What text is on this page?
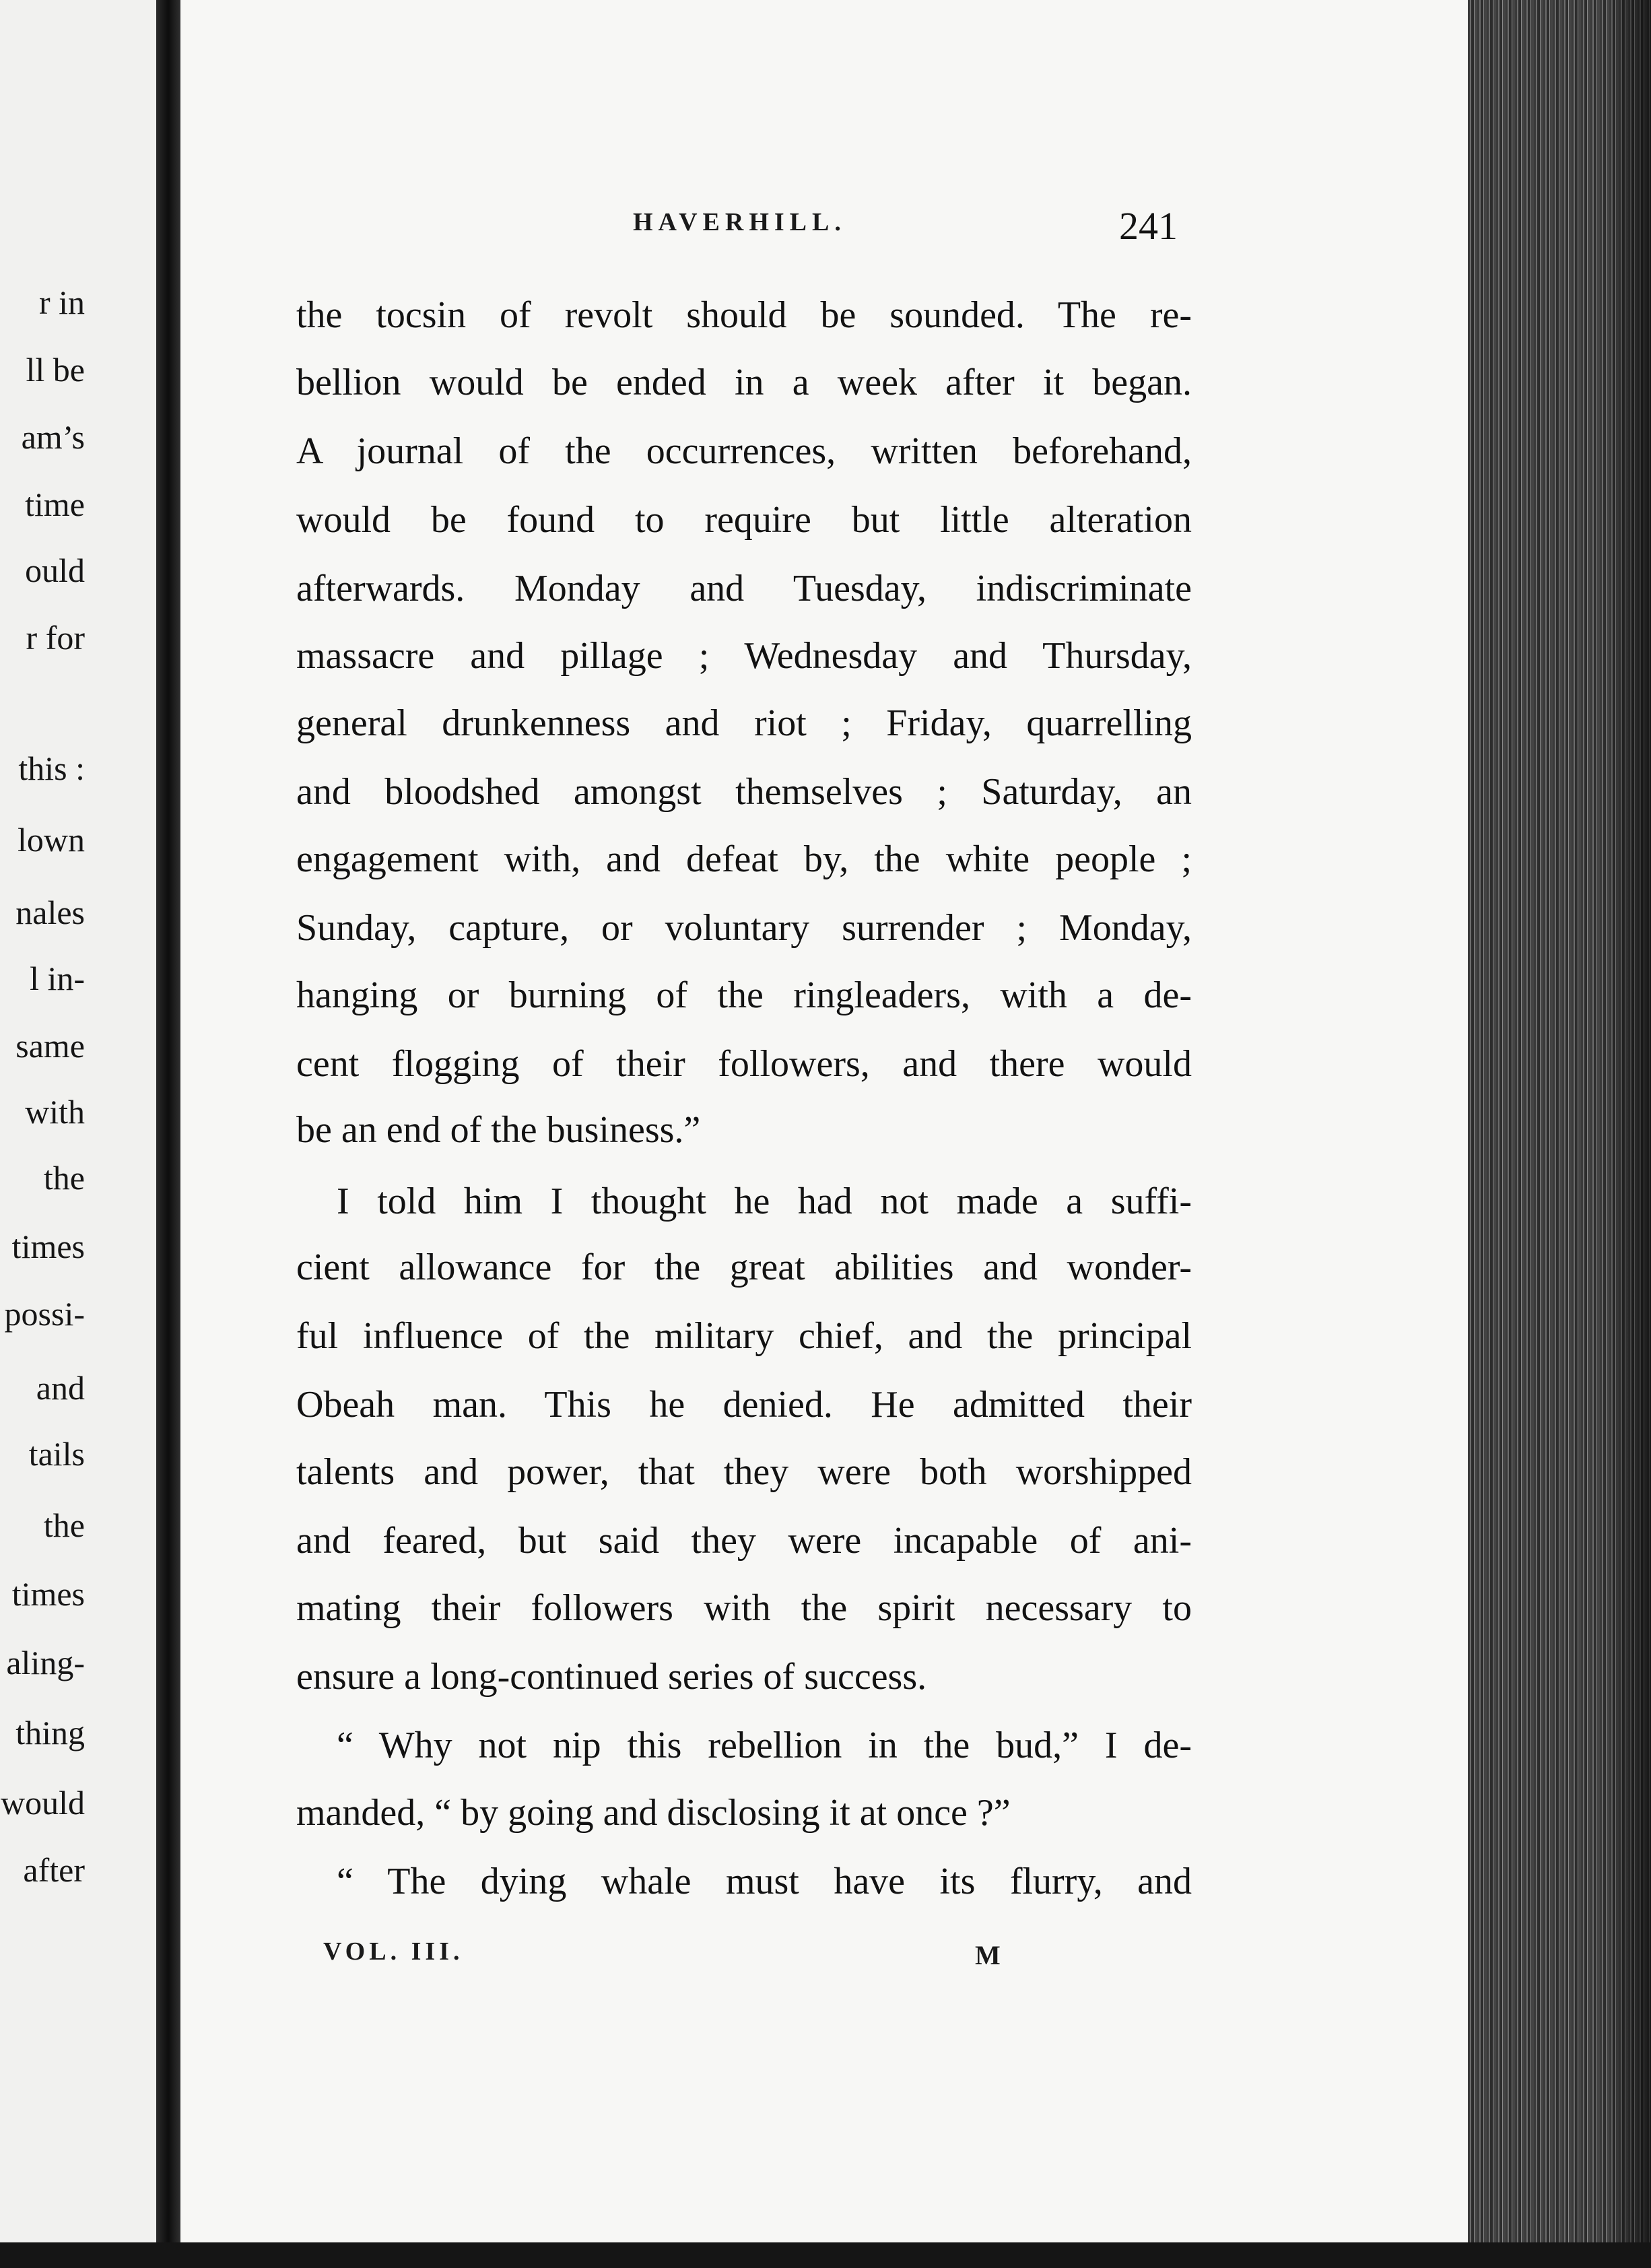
r in
ll be
am’s
time
ould
r for
this :
lown
nales
l in-
same
with
the
times
possi-
and
tails
the
times
aling-
thing
would
after
HAVERHILL.	241
the tocsin of revolt should be sounded. The re-
bellion would be ended in a week after it began.
A journal of the occurrences, written beforehand,
would be found to require but little alteration
afterwards. Monday and Tuesday, indiscriminate
massacre and pillage ; Wednesday and Thursday,
general drunkenness and riot ; Friday, quarrelling
and bloodshed amongst themselves ; Saturday, an
engagement with, and defeat by, the white people ;
Sunday, capture, or voluntary surrender ; Monday,
hanging or burning of the ringleaders, with a de-
cent flogging of their followers, and there would
be an end of the business.”
I told him I thought he had not made a suffi-
cient allowance for the great abilities and wonder-
ful influence of the military chief, and the principal
Obeah man. This he denied. He admitted their
talents and power, that they were both worshipped
and feared, but said they were incapable of ani-
mating their followers with the spirit necessary to
ensure a long-continued series of success.
“ Why not nip this rebellion in the bud,” I de-
manded, “ by going and disclosing it at once ?”
“ The dying whale must have its flurry, and
VOL. III.	M
